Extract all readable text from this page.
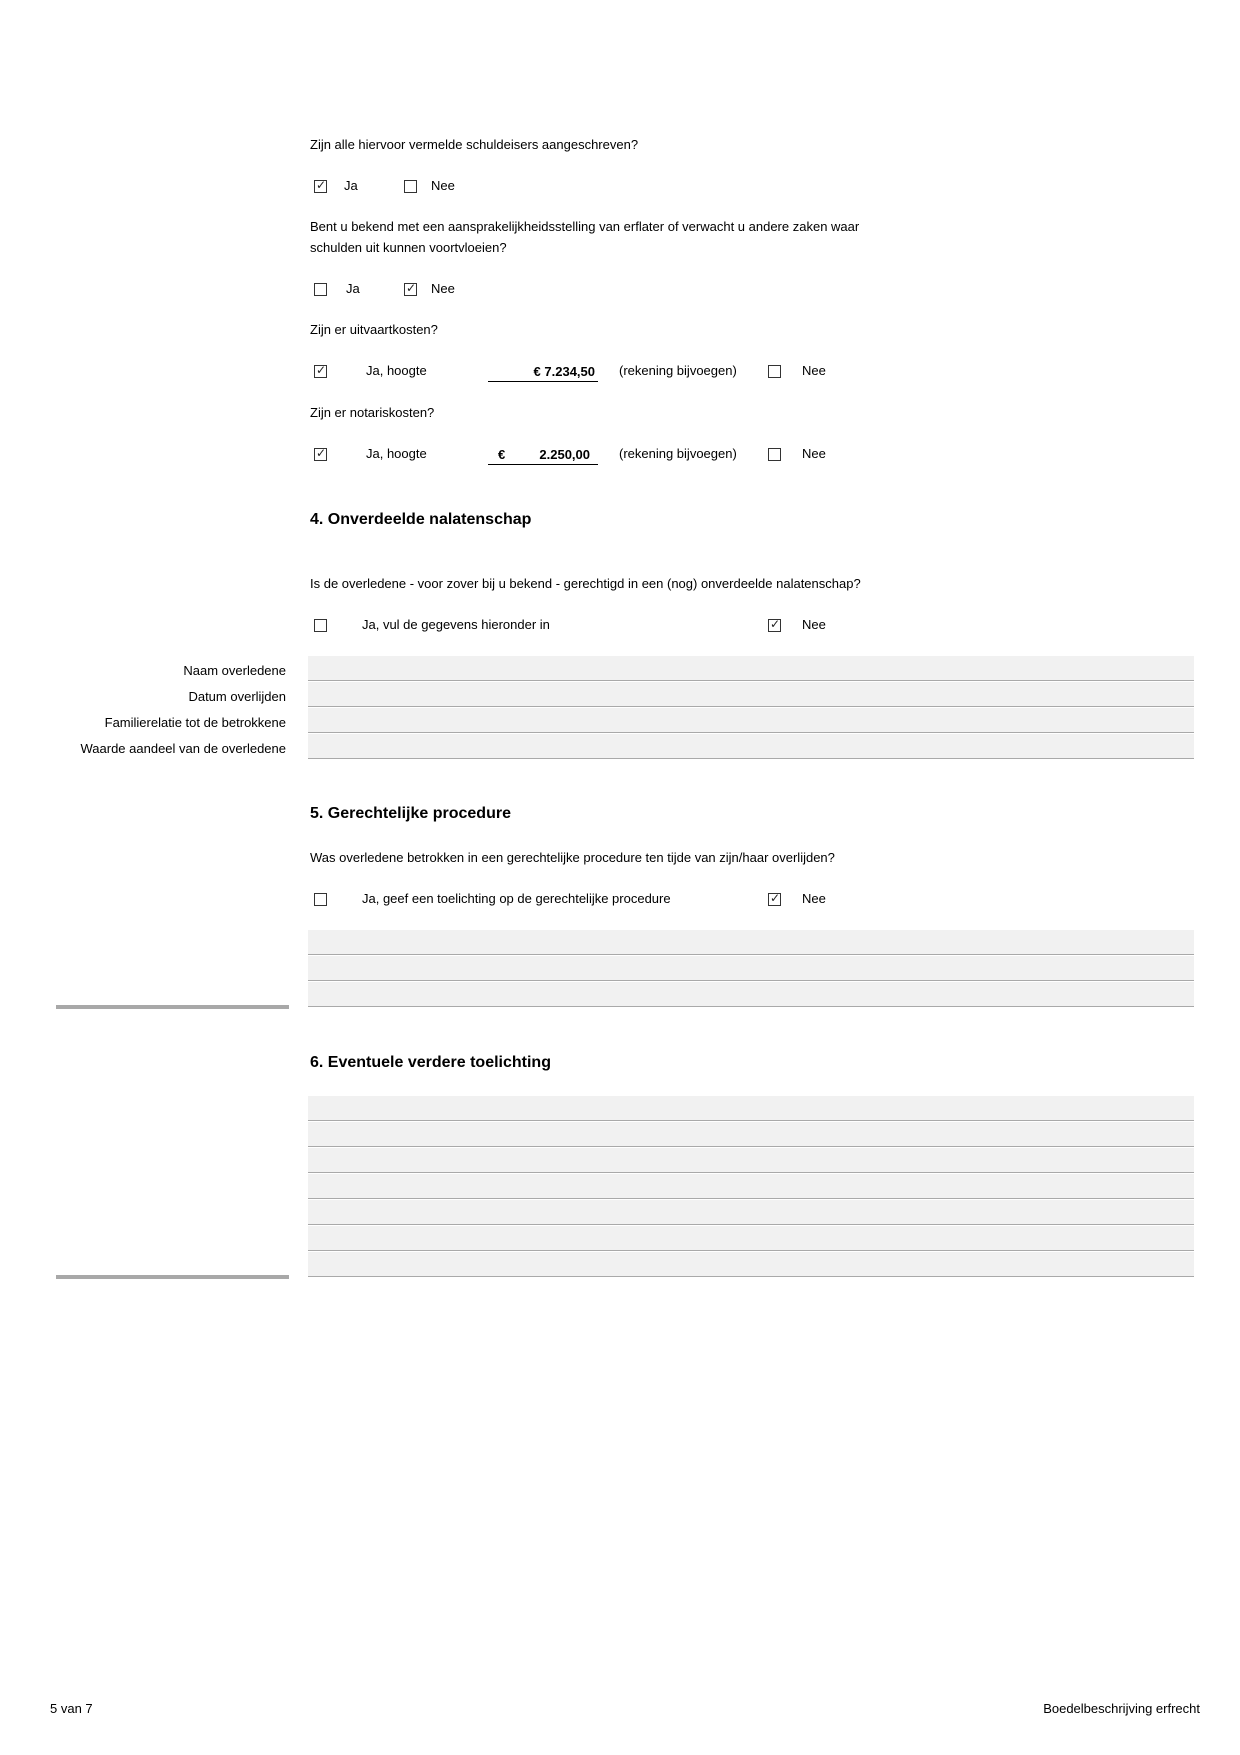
Zijn alle hiervoor vermelde schuldeisers aangeschreven?
✓ Ja	Nee
Bent u bekend met een aansprakelijkheidsstelling van erflater of verwacht u andere zaken waar
schulden uit kunnen voortvloeien?
Ja	✓ Nee
Zijn er uitvaartkosten?
✓	Ja, hoogte	€ 7.234,50 (rekening bijvoegen)	Nee
Zijn er notariskosten?
✓	Ja, hoogte	€	2.250,00 (rekening bijvoegen)	Nee
4. Onverdeelde nalatenschap
Is de overledene - voor zover bij u bekend - gerechtigd in een (nog) onverdeelde nalatenschap?
Ja, vul de gegevens hieronder in	✓ Nee
Naam overledene
Datum overlijden
Familierelatie tot de betrokkene
Waarde aandeel van de overledene
5. Gerechtelijke procedure
Was overledene betrokken in een gerechtelijke procedure ten tijde van zijn/haar overlijden?
Ja, geef een toelichting op de gerechtelijke procedure	✓ Nee
6. Eventuele verdere toelichting
5 van 7	Boedelbeschrijving erfrecht
